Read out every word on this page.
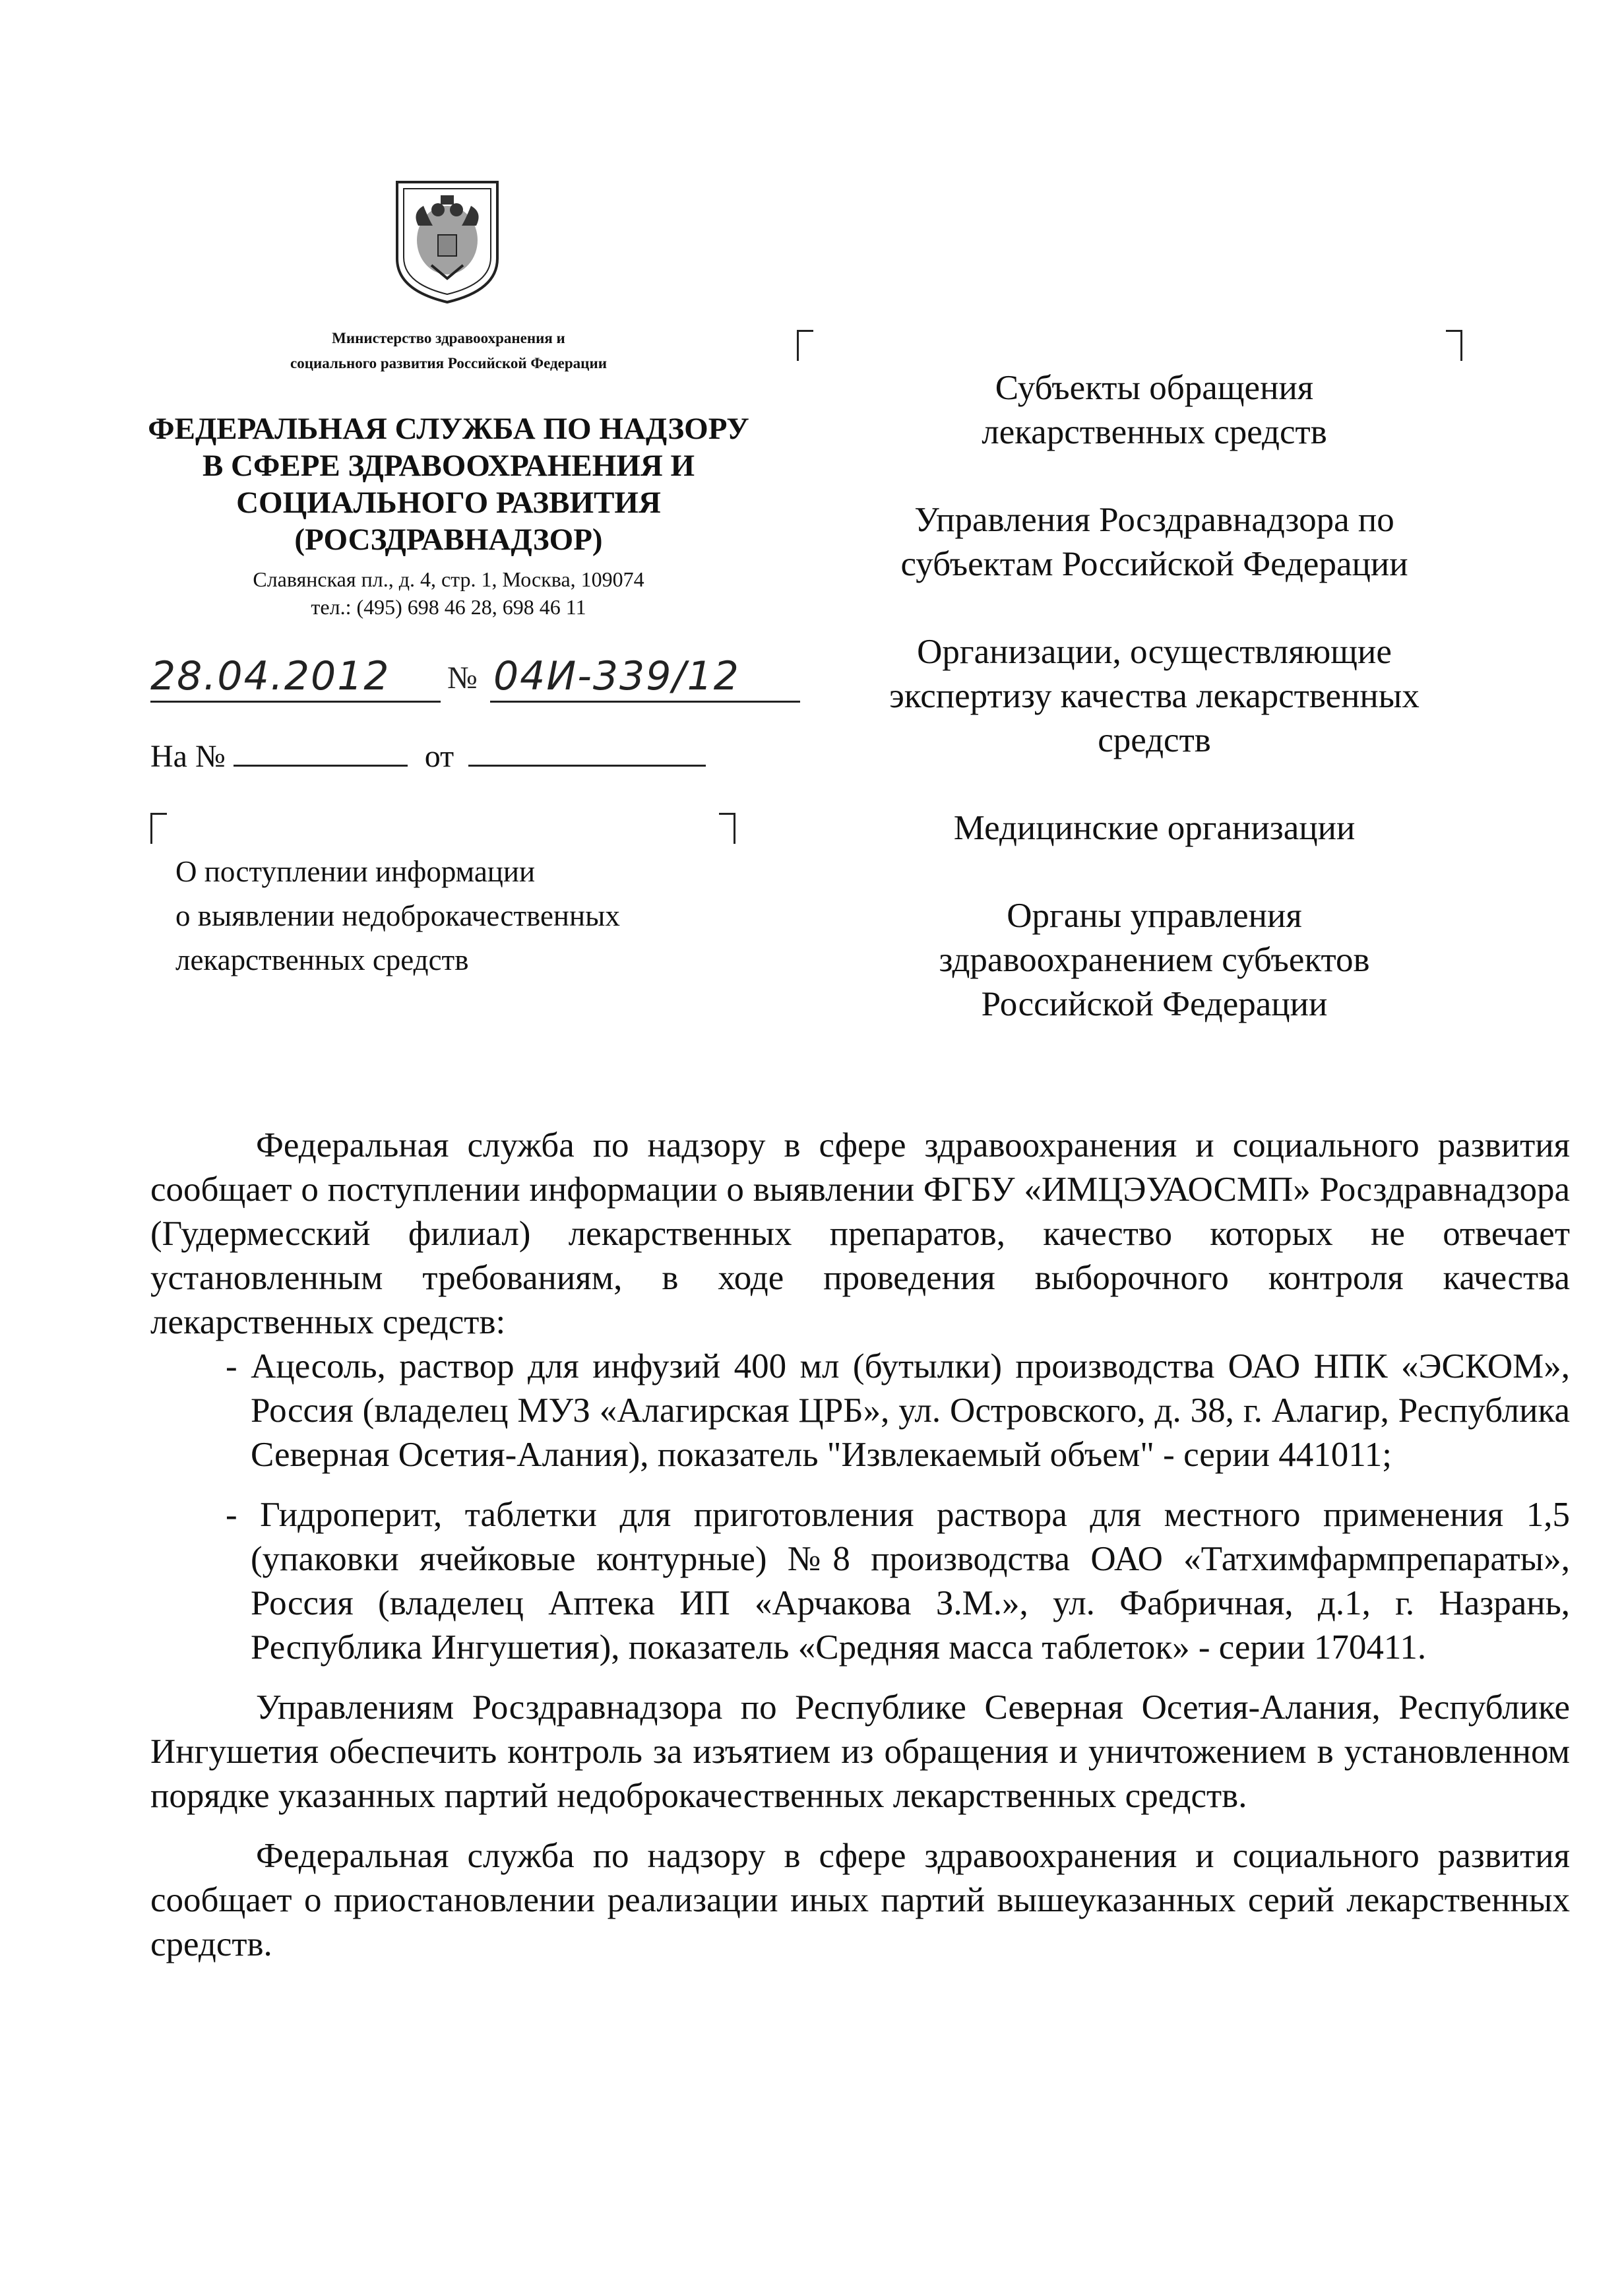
Министерство здравоохранения и
социального развития Российской Федерации
ФЕДЕРАЛЬНАЯ СЛУЖБА ПО НАДЗОРУ
В СФЕРЕ ЗДРАВООХРАНЕНИЯ И
СОЦИАЛЬНОГО РАЗВИТИЯ
(РОСЗДРАВНАДЗОР)
Славянская пл., д. 4, стр. 1, Москва, 109074
тел.: (495) 698 46 28, 698 46 11
28.04.2012 № 04И-339/12
На №	от
О поступлении информации
о выявлении недоброкачественных
лекарственных средств
Субъекты обращения
лекарственных средств
Управления Росздравнадзора по
субъектам Российской Федерации
Организации, осуществляющие
экспертизу качества лекарственных
средств
Медицинские организации
Органы управления
здравоохранением субъектов
Российской Федерации

Федеральная служба по надзору в сфере здравоохранения и социального развития сообщает о поступлении информации о выявлении ФГБУ «ИМЦЭУАОСМП» Росздравнадзора (Гудермесский филиал) лекарственных препаратов, качество которых не отвечает установленным требованиям, в ходе проведения выборочного контроля качества лекарственных средств:

- Ацесоль, раствор для инфузий 400 мл (бутылки) производства ОАО НПК «ЭСКОМ», Россия (владелец МУЗ «Алагирская ЦРБ», ул. Островского, д. 38, г. Алагир, Республика Северная Осетия-Алания), показатель "Извлекаемый объем" - серии 441011;
- Гидроперит, таблетки для приготовления раствора для местного применения 1,5 (упаковки ячейковые контурные) №8 производства ОАО «Татхимфармпрепараты», Россия (владелец Аптека ИП «Арчакова З.М.», ул. Фабричная, д.1, г. Назрань, Республика Ингушетия), показатель «Средняя масса таблеток» - серии 170411.

Управлениям Росздравнадзора по Республике Северная Осетия-Алания, Республике Ингушетия обеспечить контроль за изъятием из обращения и уничтожением в установленном порядке указанных партий недоброкачественных лекарственных средств.

Федеральная служба по надзору в сфере здравоохранения и социального развития сообщает о приостановлении реализации иных партий вышеуказанных серий лекарственных средств.
